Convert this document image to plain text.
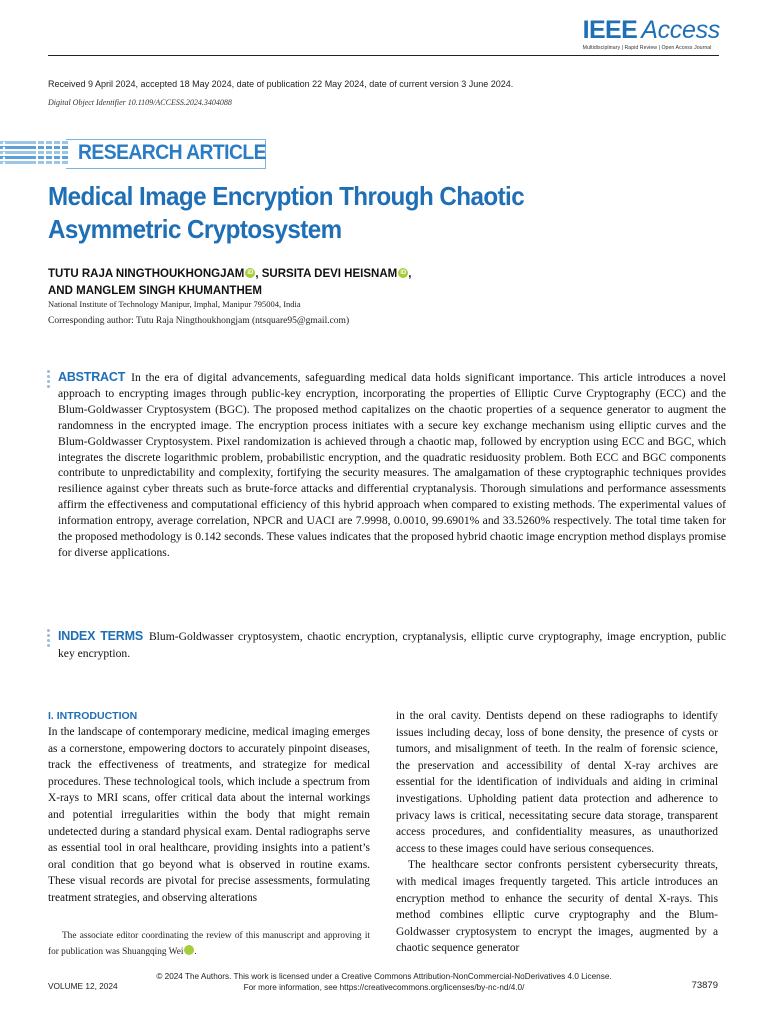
IEEE Access
Multidisciplinary | Rapid Review | Open Access Journal
Received 9 April 2024, accepted 18 May 2024, date of publication 22 May 2024, date of current version 3 June 2024.
Digital Object Identifier 10.1109/ACCESS.2024.3404088
RESEARCH ARTICLE
Medical Image Encryption Through Chaotic Asymmetric Cryptosystem
TUTU RAJA NINGTHOUKHONGJAM iD , SURSITA DEVI HEISNAM iD ,
AND MANGLEM SINGH KHUMANTHEM
National Institute of Technology Manipur, Imphal, Manipur 795004, India
Corresponding author: Tutu Raja Ningthoukhongjam (ntsquare95@gmail.com)
ABSTRACT In the era of digital advancements, safeguarding medical data holds significant importance. This article introduces a novel approach to encrypting images through public-key encryption, incorporating the properties of Elliptic Curve Cryptography (ECC) and the Blum-Goldwasser Cryptosystem (BGC). The proposed method capitalizes on the chaotic properties of a sequence generator to augment the randomness in the encrypted image. The encryption process initiates with a secure key exchange mechanism using elliptic curves and the Blum-Goldwasser Cryptosystem. Pixel randomization is achieved through a chaotic map, followed by encryption using ECC and BGC, which integrates the discrete logarithmic problem, probabilistic encryption, and the quadratic residuosity problem. Both ECC and BGC components contribute to unpredictability and complexity, fortifying the security measures. The amalgamation of these cryptographic techniques provides resilience against cyber threats such as brute-force attacks and differential cryptanalysis. Thorough simulations and performance assessments affirm the effectiveness and computational efficiency of this hybrid approach when compared to existing methods. The experimental values of information entropy, average correlation, NPCR and UACI are 7.9998, 0.0010, 99.6901% and 33.5260% respectively. The total time taken for the proposed methodology is 0.142 seconds. These values indicates that the proposed hybrid chaotic image encryption method displays promise for diverse applications.
INDEX TERMS Blum-Goldwasser cryptosystem, chaotic encryption, cryptanalysis, elliptic curve cryptography, image encryption, public key encryption.
I. INTRODUCTION

In the landscape of contemporary medicine, medical imaging emerges as a cornerstone, empowering doctors to accurately pinpoint diseases, track the effectiveness of treatments, and strategize for medical procedures. These technological tools, which include a spectrum from X-rays to MRI scans, offer critical data about the internal workings and potential irregularities within the body that might remain undetected during a standard physical exam. Dental radiographs serve as essential tool in oral healthcare, providing insights into a patient’s oral condition that go beyond what is observed in routine exams. These visual records are pivotal for precise assessments, formulating treatment strategies, and observing alterations

in the oral cavity. Dentists depend on these radiographs to identify issues including decay, loss of bone density, the presence of cysts or tumors, and misalignment of teeth. In the realm of forensic science, the preservation and accessibility of dental X-ray archives are essential for the identification of individuals and aiding in criminal investigations. Upholding patient data protection and adherence to privacy laws is critical, necessitating secure data storage, transparent access procedures, and confidentiality measures, as unauthorized access to these images could have serious consequences.

The healthcare sector confronts persistent cybersecurity threats, with medical images frequently targeted. This article introduces an encryption method to enhance the security of dental X-rays. This method combines elliptic curve cryptography and the Blum-Goldwasser cryptosystem to encrypt the images, augmented by a chaotic sequence generator

The associate editor coordinating the review of this manuscript and approving it for publication was Shuangqing Wei	iD.

© 2024 The Authors. This work is licensed under a Creative Commons Attribution-NonCommercial-NoDerivatives 4.0 License.
For more information, see https://creativecommons.org/licenses/by-nc-nd/4.0/
VOLUME 12, 2024	73879
